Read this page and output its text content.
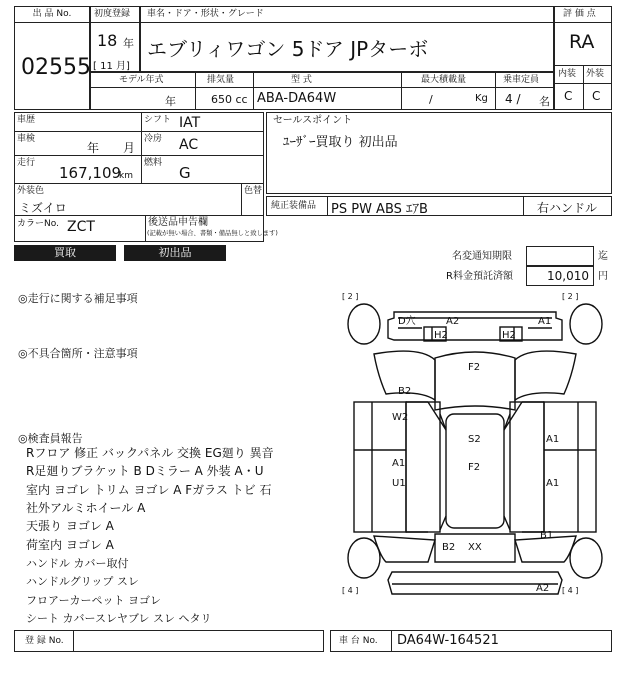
出 品 No.
02555
初度登録
18 年
[ 11 月]
車名・ドア・形状・グレード
エブリィワゴン 5ドア JPターボ
評 価 点
RA
内装 外装
C C
モデル年式	排気量	型 式	最大積載量	乗車定員
年	650 cc ABA-DA64W	/	Kg 4 / 名
車歴	シフト IAT
車検
年 月
冷房 AC
走行
167,109
km
燃料
G
外装色
ミズイロ
色替
カラーNo. ZCT	後送品申告欄
(記載が無い場合、書類・備品無しと致します)
セールスポイント
ﾕｰｻﾞｰ買取り 初出品
純正装備品 PS PW ABS ｴｱB	右ハンドル
買取	初出品	名変通知期限	迄
R料金預託済額	10,010 円
◎走行に関する補足事項
◎不具合箇所・注意事項
◎検査員報告
Rフロア 修正 バックパネル 交換 EG廻り 異音
R足廻りブラケット B Dミラー A 外装 A・U
室内 ヨゴレ トリム ヨゴレ A Fガラス トビ 石
社外アルミホイール A
天張り ヨゴレ A
荷室内 ヨゴレ A
ハンドル カバー取付
ハンドルグリップ スレ
フロアーカーペット ヨゴレ
シート カバースレヤブレ スレ ヘタリ
[ 2 ]	[ 2 ]
[ 4 ]	[ 4 ]
D穴	A2	A1
H2	H2
F2
B2
W2
S2
F2
A1
U1
A1
A1
B1
B2 XX
A2
登 録 No.	車 台 No. DA64W-164521
